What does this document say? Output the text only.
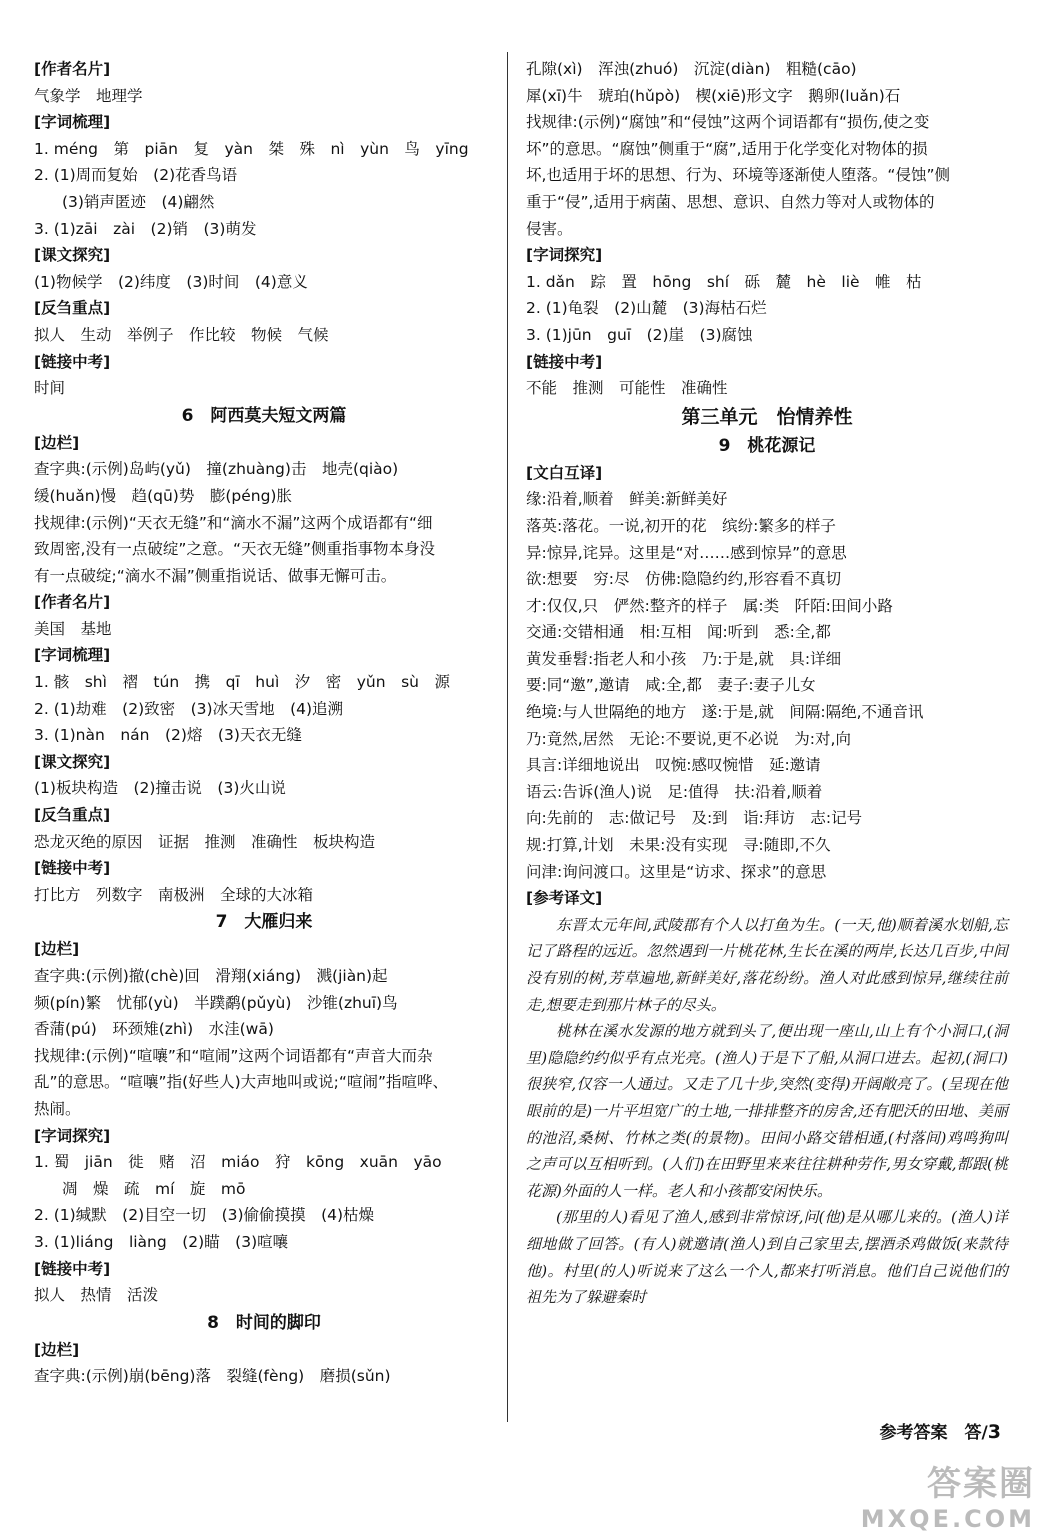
[作者名片]
气象学　地理学
[字词梳理]
1. méng　第　piān　复　yàn　桀　殊　nì　yùn　鸟　yīng
2. (1)周而复始　(2)花香鸟语
(3)销声匿迹　(4)翩然
3. (1)zāi　zài　(2)销　(3)萌发
[课文探究]
(1)物候学　(2)纬度　(3)时间　(4)意义
[反刍重点]
拟人　生动　举例子　作比较　物候　气候
[链接中考]
时间
6　阿西莫夫短文两篇
[边栏]
查字典:(示例)岛屿(yǔ)　撞(zhuàng)击　地壳(qiào)
缓(huǎn)慢　趋(qū)势　膨(péng)胀
找规律:(示例)“天衣无缝”和“滴水不漏”这两个成语都有“细
致周密,没有一点破绽”之意。“天衣无缝”侧重指事物本身没
有一点破绽;“滴水不漏”侧重指说话、做事无懈可击。
[作者名片]
美国　基地
[字词梳理]
1. 骸　shì　褶　tún　携　qī　huì　汐　密　yǔn　sù　源
2. (1)劫难　(2)致密　(3)冰天雪地　(4)追溯
3. (1)nàn　nán　(2)熔　(3)天衣无缝
[课文探究]
(1)板块构造　(2)撞击说　(3)火山说
[反刍重点]
恐龙灭绝的原因　证据　推测　准确性　板块构造
[链接中考]
打比方　列数字　南极洲　全球的大冰箱
7　大雁归来
[边栏]
查字典:(示例)撤(chè)回　滑翔(xiáng)　溅(jiàn)起
频(pín)繁　忧郁(yù)　半蹼鹬(pǔyù)　沙锥(zhuī)鸟
香蒲(pú)　环颈雉(zhì)　水洼(wā)
找规律:(示例)“喧嚷”和“喧闹”这两个词语都有“声音大而杂
乱”的意思。“喧嚷”指(好些人)大声地叫或说;“喧闹”指喧哗、
热闹。
[字词探究]
1. 蜀　jiān　徙　赌　沼　miáo　狩　kōng　xuān　yāo
凋　燥　疏　mí　旋　mō
2. (1)缄默　(2)目空一切　(3)偷偷摸摸　(4)枯燥
3. (1)liáng　liàng　(2)瞄　(3)喧嚷
[链接中考]
拟人　热情　活泼
8　时间的脚印
[边栏]
查字典:(示例)崩(bēng)落　裂缝(fèng)　磨损(sǔn)
孔隙(xì)　浑浊(zhuó)　沉淀(diàn)　粗糙(cāo)
犀(xī)牛　琥珀(hǔpò)　楔(xiē)形文字　鹅卵(luǎn)石
找规律:(示例)“腐蚀”和“侵蚀”这两个词语都有“损伤,使之变
坏”的意思。“腐蚀”侧重于“腐”,适用于化学变化对物体的损
坏,也适用于坏的思想、行为、环境等逐渐使人堕落。“侵蚀”侧
重于“侵”,适用于病菌、思想、意识、自然力等对人或物体的
侵害。
[字词探究]
1. dǎn　踪　置　hōng　shí　砾　麓　hè　liè　帷　枯
2. (1)龟裂　(2)山麓　(3)海枯石烂
3. (1)jūn　guī　(2)崖　(3)腐蚀
[链接中考]
不能　推测　可能性　准确性
第三单元　怡情养性
9　桃花源记
[文白互译]
缘:沿着,顺着　鲜美:新鲜美好
落英:落花。一说,初开的花　缤纷:繁多的样子
异:惊异,诧异。这里是“对……感到惊异”的意思
欲:想要　穷:尽　仿佛:隐隐约约,形容看不真切
才:仅仅,只　俨然:整齐的样子　属:类　阡陌:田间小路
交通:交错相通　相:互相　闻:听到　悉:全,都
黄发垂髫:指老人和小孩　乃:于是,就　具:详细
要:同“邀”,邀请　咸:全,都　妻子:妻子儿女
绝境:与人世隔绝的地方　遂:于是,就　间隔:隔绝,不通音讯
乃:竟然,居然　无论:不要说,更不必说　为:对,向
具言:详细地说出　叹惋:感叹惋惜　延:邀请
语云:告诉(渔人)说　足:值得　扶:沿着,顺着
向:先前的　志:做记号　及:到　诣:拜访　志:记号
规:打算,计划　未果:没有实现　寻:随即,不久
问津:询问渡口。这里是“访求、探求”的意思
[参考译文]
东晋太元年间,武陵郡有个人以打鱼为生。(一天,他)顺着溪水划船,忘记了路程的远近。忽然遇到一片桃花林,生长在溪的两岸,长达几百步,中间没有别的树,芳草遍地,新鲜美好,落花纷纷。渔人对此感到惊异,继续往前走,想要走到那片林子的尽头。
桃林在溪水发源的地方就到头了,便出现一座山,山上有个小洞口,(洞里)隐隐约约似乎有点光亮。(渔人)于是下了船,从洞口进去。起初,(洞口)很狭窄,仅容一人通过。又走了几十步,突然(变得)开阔敞亮了。(呈现在他眼前的是)一片平坦宽广的土地,一排排整齐的房舍,还有肥沃的田地、美丽的池沼,桑树、竹林之类(的景物)。田间小路交错相通,(村落间)鸡鸣狗叫之声可以互相听到。(人们)在田野里来来往往耕种劳作,男女穿戴,都跟(桃花源)外面的人一样。老人和小孩都安闲快乐。
(那里的人)看见了渔人,感到非常惊讶,问(他)是从哪儿来的。(渔人)详细地做了回答。(有人)就邀请(渔人)到自己家里去,摆酒杀鸡做饭(来款待他)。村里(的人)听说来了这么一个人,都来打听消息。他们自己说他们的祖先为了躲避秦时
参考答案　答/3
答案圈
MXQE.COM
